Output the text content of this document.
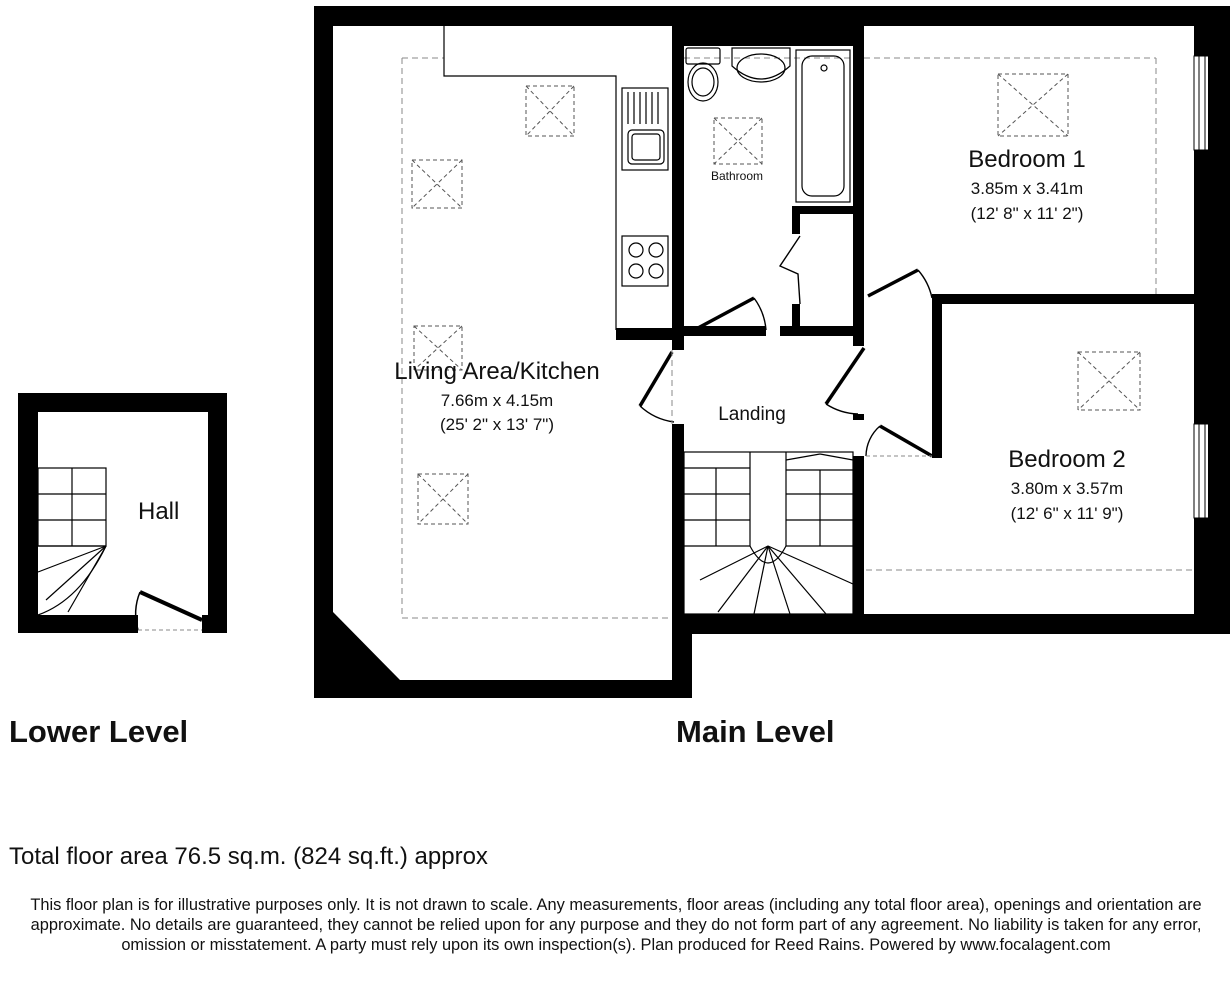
Hall
Living Area/Kitchen
7.66m x 4.15m
(25' 2" x 13' 7")
Bathroom
Landing
Bedroom 1
3.85m x 3.41m
(12' 8" x 11' 2")
Bedroom 2
3.80m x 3.57m
(12' 6" x 11' 9")
Lower Level	Main Level
Total floor area 76.5 sq.m. (824 sq.ft.) approx
This floor plan is for illustrative purposes only. It is not drawn to scale. Any measurements, floor areas (including any total floor area), openings and orientation are approximate. No details are guaranteed, they cannot be relied upon for any purpose and they do not form part of any agreement. No liability is taken for any error, omission or misstatement. A party must rely upon its own inspection(s). Plan produced for Reed Rains. Powered by www.focalagent.com
